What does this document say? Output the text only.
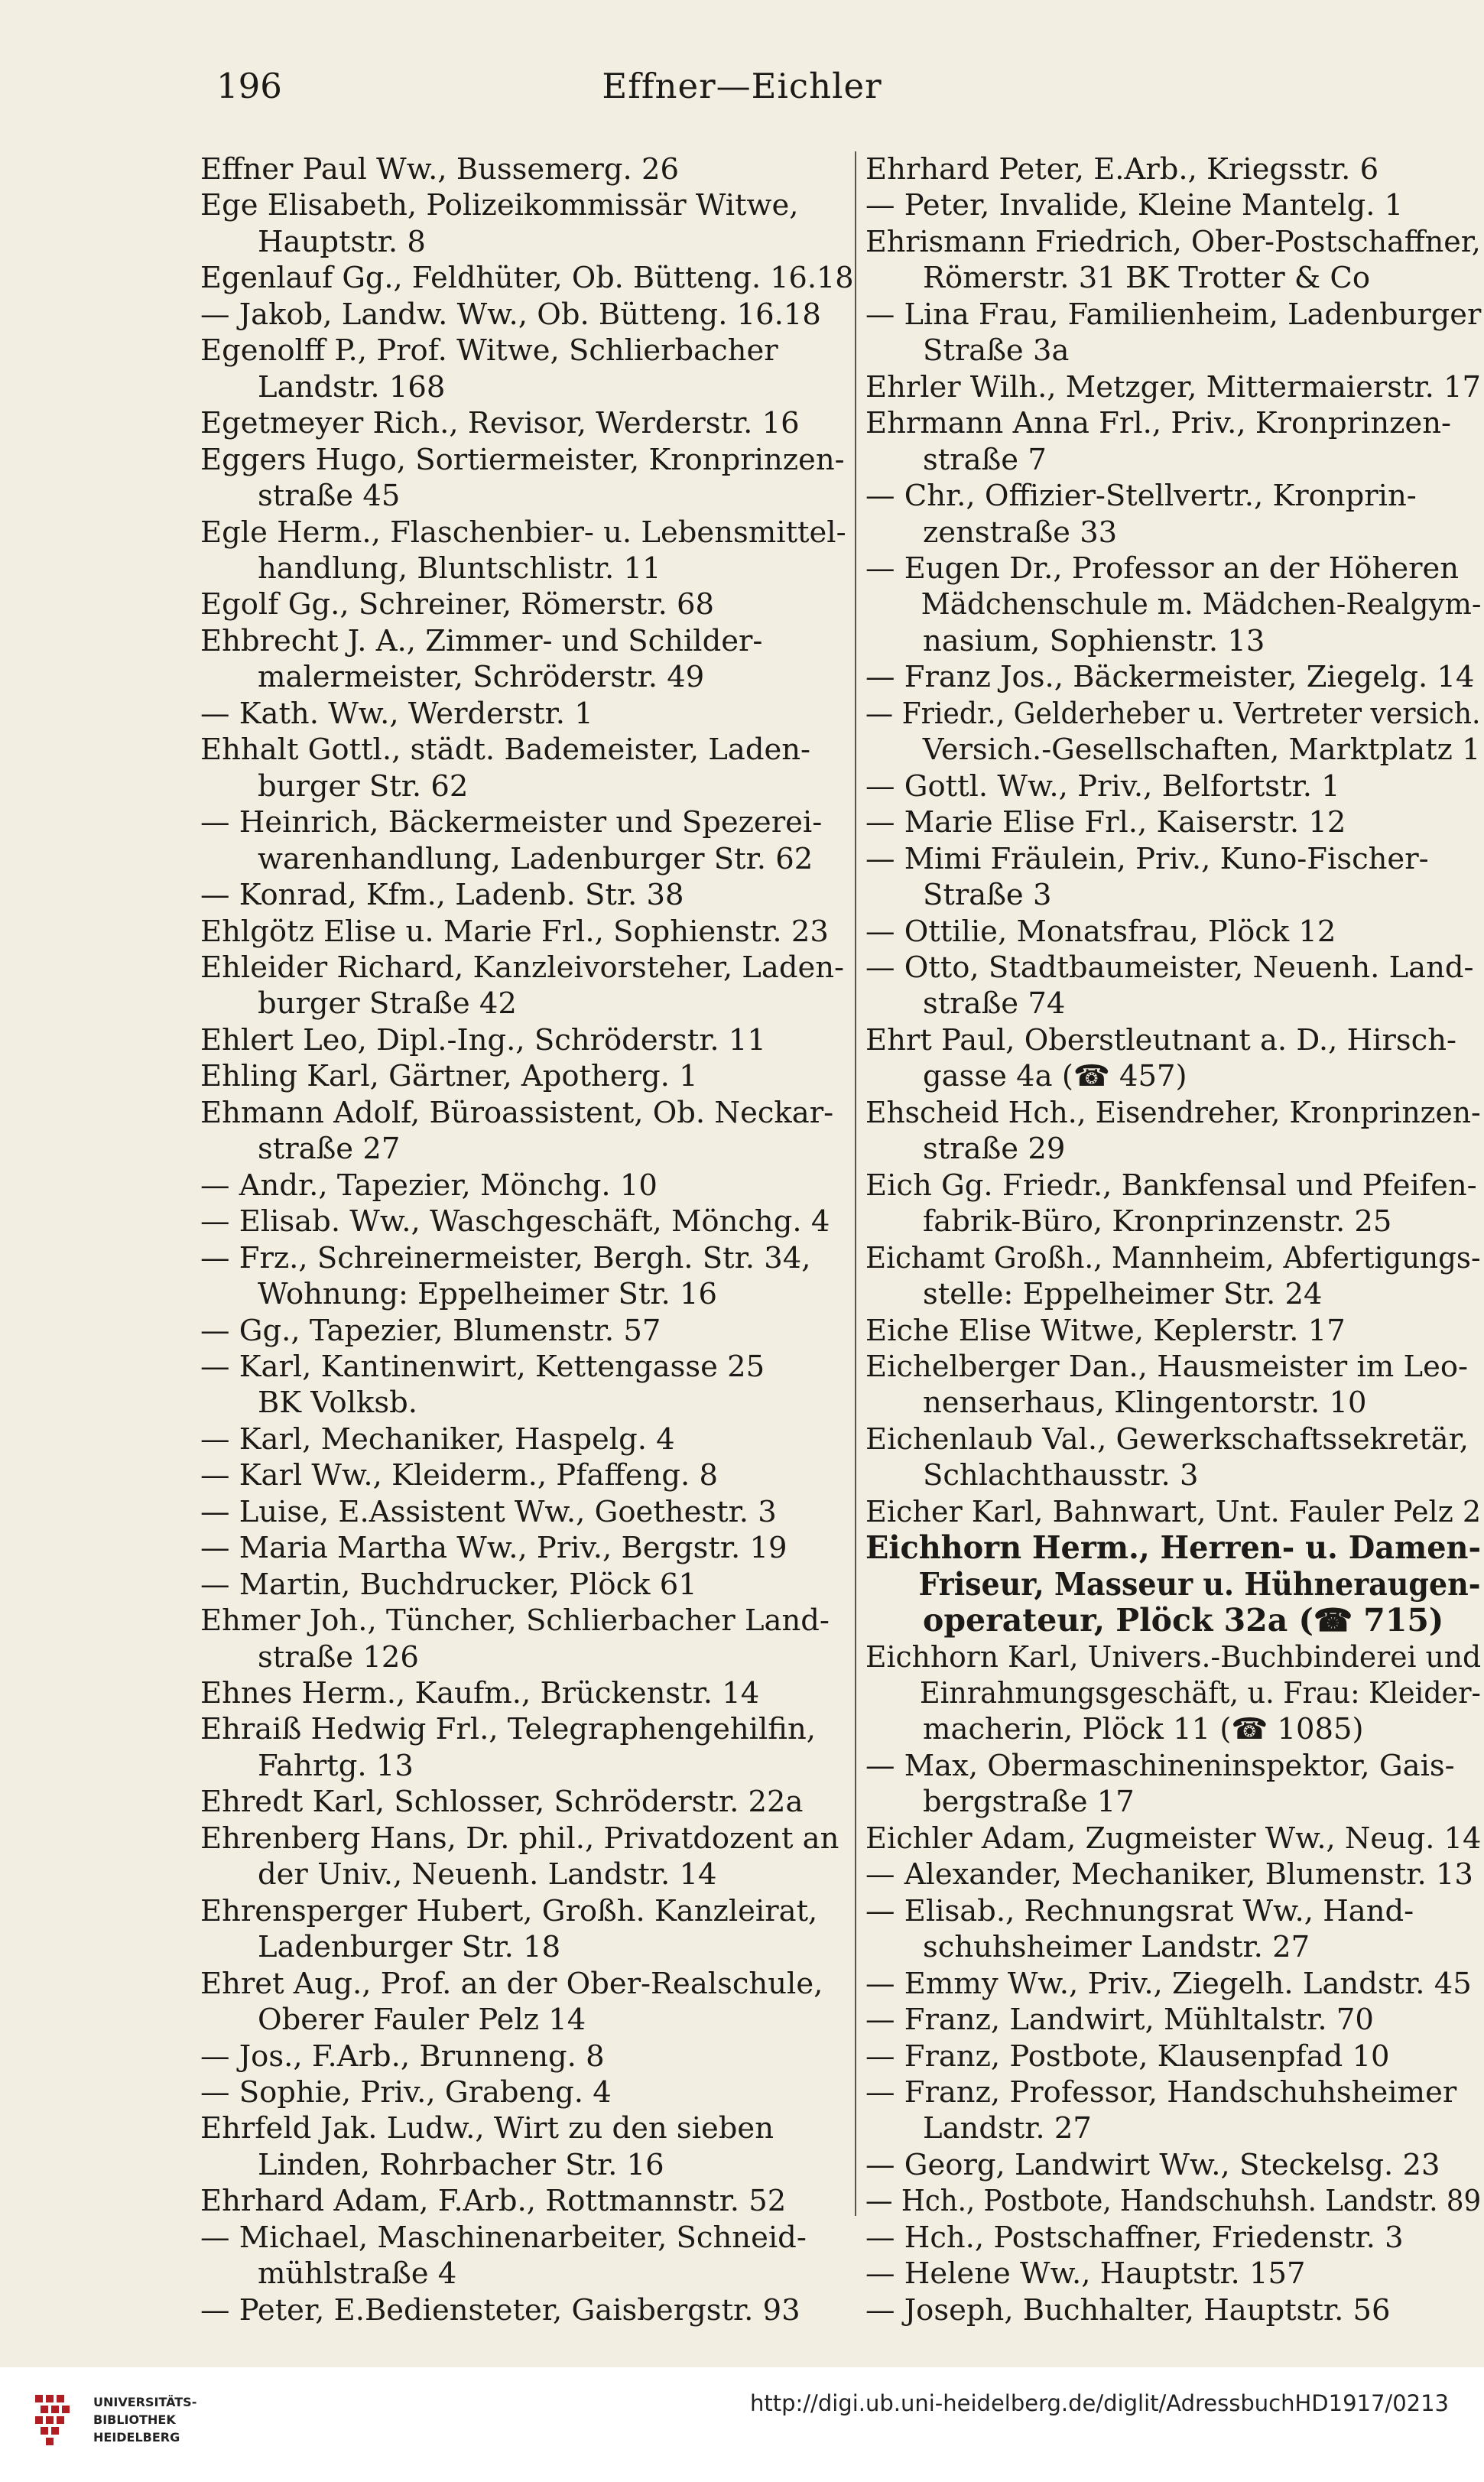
196	Effner—Eichler
Effner Paul Ww., Bussemerg. 26
Ege Elisabeth, Polizeikommissär Witwe,
Hauptstr. 8
Egenlauf Gg., Feldhüter, Ob. Bütteng. 16.18
— Jakob, Landw. Ww., Ob. Bütteng. 16.18
Egenolff P., Prof. Witwe, Schlierbacher
Landstr. 168
Egetmeyer Rich., Revisor, Werderstr. 16
Eggers Hugo, Sortiermeister, Kronprinzen-
straße 45
Egle Herm., Flaschenbier- u. Lebensmittel-
handlung, Bluntschlistr. 11
Egolf Gg., Schreiner, Römerstr. 68
Ehbrecht J. A., Zimmer- und Schilder-
malermeister, Schröderstr. 49
— Kath. Ww., Werderstr. 1
Ehhalt Gottl., städt. Bademeister, Laden-
burger Str. 62
— Heinrich, Bäckermeister und Spezerei-
warenhandlung, Ladenburger Str. 62
— Konrad, Kfm., Ladenb. Str. 38
Ehlgötz Elise u. Marie Frl., Sophienstr. 23
Ehleider Richard, Kanzleivorsteher, Laden-
burger Straße 42
Ehlert Leo, Dipl.-Ing., Schröderstr. 11
Ehling Karl, Gärtner, Apotherg. 1
Ehmann Adolf, Büroassistent, Ob. Neckar-
straße 27
— Andr., Tapezier, Mönchg. 10
— Elisab. Ww., Waschgeschäft, Mönchg. 4
— Frz., Schreinermeister, Bergh. Str. 34,
Wohnung: Eppelheimer Str. 16
— Gg., Tapezier, Blumenstr. 57
— Karl, Kantinenwirt, Kettengasse 25
BK Volksb.
— Karl, Mechaniker, Haspelg. 4
— Karl Ww., Kleiderm., Pfaffeng. 8
— Luise, E.Assistent Ww., Goethestr. 3
— Maria Martha Ww., Priv., Bergstr. 19
— Martin, Buchdrucker, Plöck 61
Ehmer Joh., Tüncher, Schlierbacher Land-
straße 126
Ehnes Herm., Kaufm., Brückenstr. 14
Ehraiß Hedwig Frl., Telegraphengehilfin,
Fahrtg. 13
Ehredt Karl, Schlosser, Schröderstr. 22a
Ehrenberg Hans, Dr. phil., Privatdozent an
der Univ., Neuenh. Landstr. 14
Ehrensperger Hubert, Großh. Kanzleirat,
Ladenburger Str. 18
Ehret Aug., Prof. an der Ober-Realschule,
Oberer Fauler Pelz 14
— Jos., F.Arb., Brunneng. 8
— Sophie, Priv., Grabeng. 4
Ehrfeld Jak. Ludw., Wirt zu den sieben
Linden, Rohrbacher Str. 16
Ehrhard Adam, F.Arb., Rottmannstr. 52
— Michael, Maschinenarbeiter, Schneid-
mühlstraße 4
— Peter, E.Bediensteter, Gaisbergstr. 93
Ehrhard Peter, E.Arb., Kriegsstr. 6
— Peter, Invalide, Kleine Mantelg. 1
Ehrismann Friedrich, Ober-Postschaffner,
Römerstr. 31 BK Trotter & Co
— Lina Frau, Familienheim, Ladenburger
Straße 3a
Ehrler Wilh., Metzger, Mittermaierstr. 17
Ehrmann Anna Frl., Priv., Kronprinzen-
straße 7
— Chr., Offizier-Stellvertr., Kronprin-
zenstraße 33
— Eugen Dr., Professor an der Höheren
Mädchenschule m. Mädchen-Realgym-
nasium, Sophienstr. 13
— Franz Jos., Bäckermeister, Ziegelg. 14
— Friedr., Gelderheber u. Vertreter versich.
Versich.-Gesellschaften, Marktplatz 1
— Gottl. Ww., Priv., Belfortstr. 1
— Marie Elise Frl., Kaiserstr. 12
— Mimi Fräulein, Priv., Kuno-Fischer-
Straße 3
— Ottilie, Monatsfrau, Plöck 12
— Otto, Stadtbaumeister, Neuenh. Land-
straße 74
Ehrt Paul, Oberstleutnant a. D., Hirsch-
gasse 4a (☎ 457)
Ehscheid Hch., Eisendreher, Kronprinzen-
straße 29
Eich Gg. Friedr., Bankfensal und Pfeifen-
fabrik-Büro, Kronprinzenstr. 25
Eichamt Großh., Mannheim, Abfertigungs-
stelle: Eppelheimer Str. 24
Eiche Elise Witwe, Keplerstr. 17
Eichelberger Dan., Hausmeister im Leo-
nenserhaus, Klingentorstr. 10
Eichenlaub Val., Gewerkschaftssekretär,
Schlachthausstr. 3
Eicher Karl, Bahnwart, Unt. Fauler Pelz 2
Eichhorn Herm., Herren- u. Damen-
Friseur, Masseur u. Hühneraugen-
operateur, Plöck 32a (☎ 715)
Eichhorn Karl, Univers.-Buchbinderei und
Einrahmungsgeschäft, u. Frau: Kleider-
macherin, Plöck 11 (☎ 1085)
— Max, Obermaschineninspektor, Gais-
bergstraße 17
Eichler Adam, Zugmeister Ww., Neug. 14
— Alexander, Mechaniker, Blumenstr. 13
— Elisab., Rechnungsrat Ww., Hand-
schuhsheimer Landstr. 27
— Emmy Ww., Priv., Ziegelh. Landstr. 45
— Franz, Landwirt, Mühltalstr. 70
— Franz, Postbote, Klausenpfad 10
— Franz, Professor, Handschuhsheimer
Landstr. 27
— Georg, Landwirt Ww., Steckelsg. 23
— Hch., Postbote, Handschuhsh. Landstr. 89
— Hch., Postschaffner, Friedenstr. 3
— Helene Ww., Hauptstr. 157
— Joseph, Buchhalter, Hauptstr. 56
UNIVERSITÄTS-
BIBLIOTHEK
HEIDELBERG
http://digi.ub.uni-heidelberg.de/diglit/AdressbuchHD1917/0213
